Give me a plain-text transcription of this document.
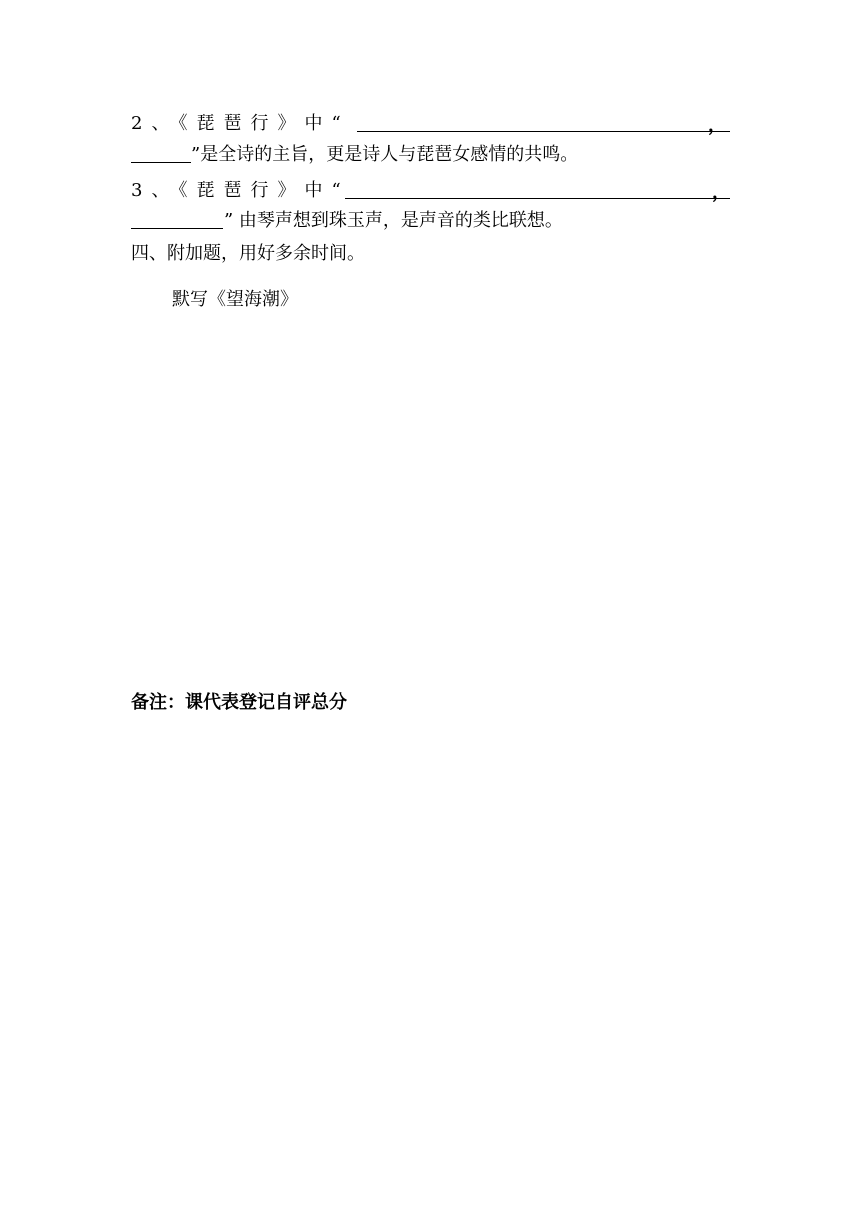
2、《琵琶行》中“	，
”是全诗的主旨，更是诗人与琵琶女感情的共鸣。
3、《琵琶行》中“	，
” 由琴声想到珠玉声，是声音的类比联想。
四、附加题，用好多余时间。
默写《望海潮》
备注：课代表登记自评总分
